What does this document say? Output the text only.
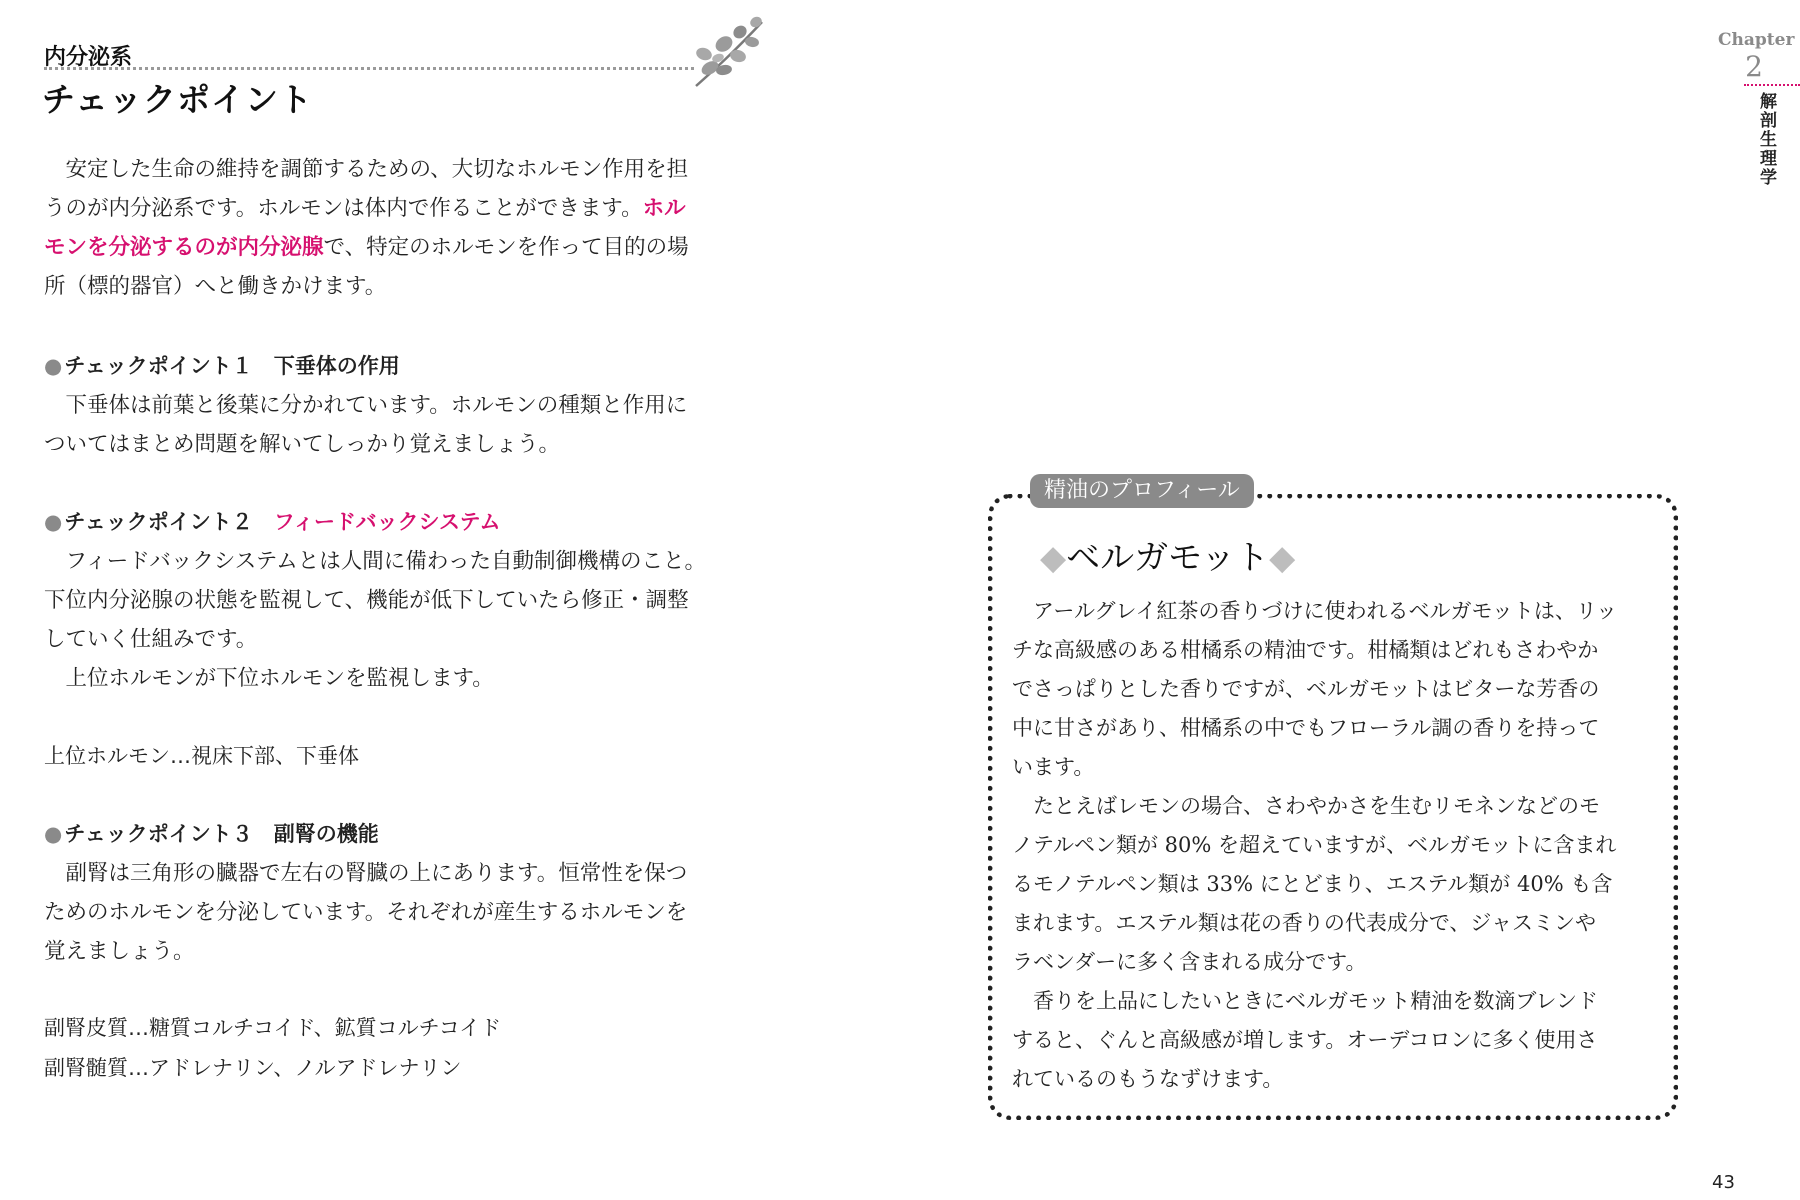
内分泌系
チェックポイント
　安定した生命の維持を調節するための、大切なホルモン作用を担
うのが内分泌系です。ホルモンは体内で作ることができます。ホル
モンを分泌するのが内分泌腺で、特定のホルモンを作って目的の場
所（標的器官）へと働きかけます。
●チェックポイント１　下垂体の作用
　下垂体は前葉と後葉に分かれています。ホルモンの種類と作用に
ついてはまとめ問題を解いてしっかり覚えましょう。
●チェックポイント２　フィードバックシステム
　フィードバックシステムとは人間に備わった自動制御機構のこと。
下位内分泌腺の状態を監視して、機能が低下していたら修正・調整
していく仕組みです。
　上位ホルモンが下位ホルモンを監視します。
上位ホルモン…視床下部、下垂体
●チェックポイント３　副腎の機能
　副腎は三角形の臓器で左右の腎臓の上にあります。恒常性を保つ
ためのホルモンを分泌しています。それぞれが産生するホルモンを
覚えましょう。
副腎皮質…糖質コルチコイド、鉱質コルチコイド
副腎髄質…アドレナリン、ノルアドレナリン
Chapter
2
解剖生理学
精油のプロフィール
◆ベルガモット◆
　アールグレイ紅茶の香りづけに使われるベルガモットは、リッ
チな高級感のある柑橘系の精油です。柑橘類はどれもさわやか
でさっぱりとした香りですが、ベルガモットはビターな芳香の
中に甘さがあり、柑橘系の中でもフローラル調の香りを持って
います。
　たとえばレモンの場合、さわやかさを生むリモネンなどのモ
ノテルペン類が 80% を超えていますが、ベルガモットに含まれ
るモノテルペン類は 33% にとどまり、エステル類が 40% も含
まれます。エステル類は花の香りの代表成分で、ジャスミンや
ラベンダーに多く含まれる成分です。
　香りを上品にしたいときにベルガモット精油を数滴ブレンド
すると、ぐんと高級感が増します。オーデコロンに多く使用さ
れているのもうなずけます。
43
